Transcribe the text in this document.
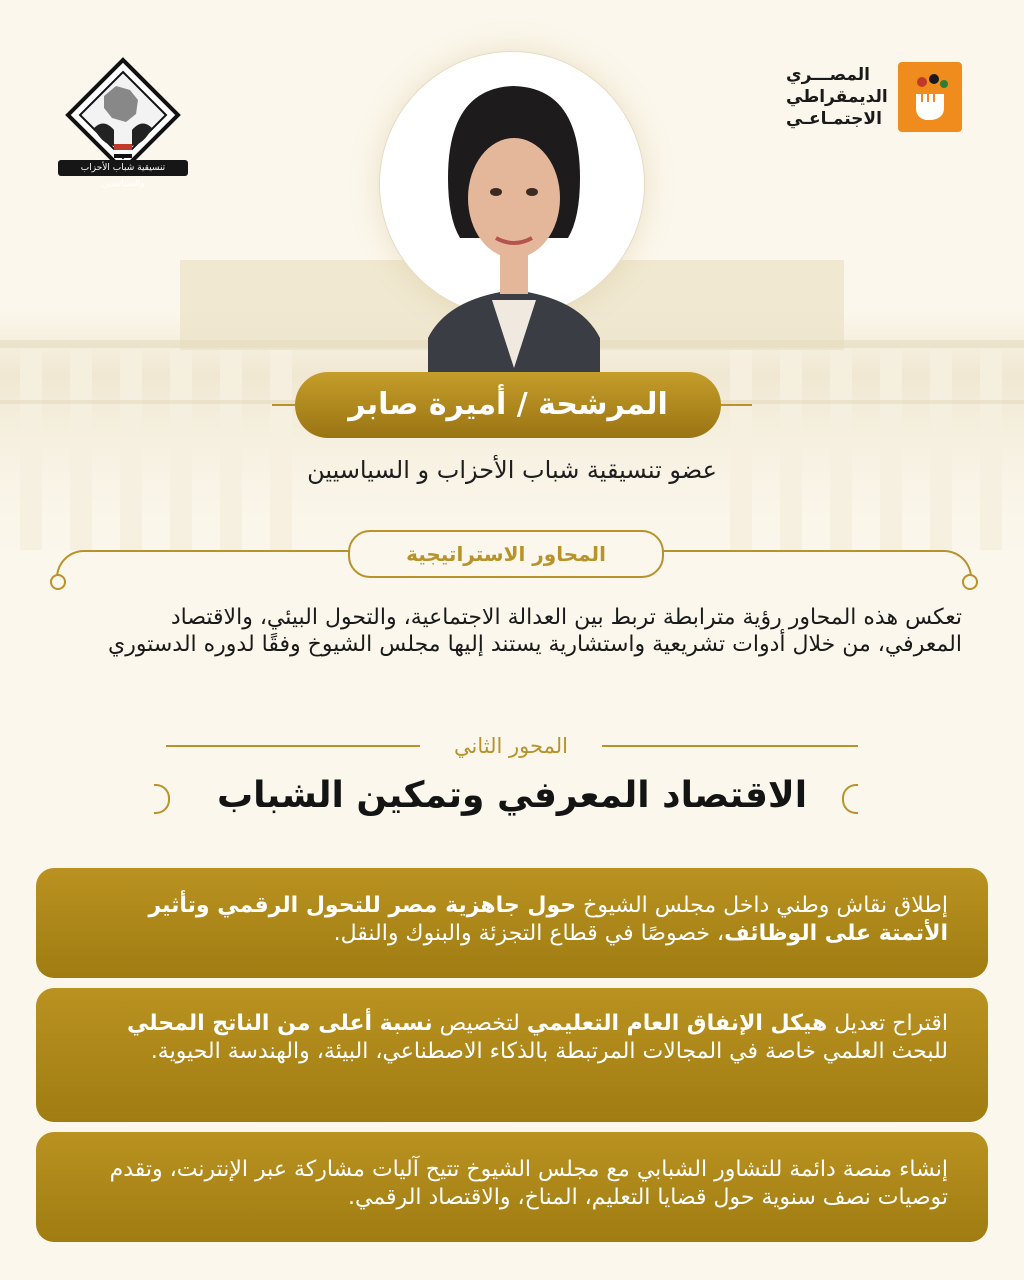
تنسيقية شباب الأحزاب والسياسيين
المصـــري
الديمقراطي
الاجتمـاعـي
المرشحة / أميرة صابر
عضو تنسيقية شباب الأحزاب و السياسيين
المحاور الاستراتيجية
تعكس هذه المحاور رؤية مترابطة تربط بين العدالة الاجتماعية، والتحول البيئي، والاقتصاد المعرفي، من خلال أدوات تشريعية واستشارية يستند إليها مجلس الشيوخ وفقًا لدوره الدستوري
المحور الثاني
الاقتصاد المعرفي وتمكين الشباب
إطلاق نقاش وطني داخل مجلس الشيوخ حول جاهزية مصر للتحول الرقمي وتأثير الأتمتة على الوظائف، خصوصًا في قطاع التجزئة والبنوك والنقل.
اقتراح تعديل هيكل الإنفاق العام التعليمي لتخصيص نسبة أعلى من الناتج المحلي للبحث العلمي خاصة في المجالات المرتبطة بالذكاء الاصطناعي، البيئة، والهندسة الحيوية.
إنشاء منصة دائمة للتشاور الشبابي مع مجلس الشيوخ تتيح آليات مشاركة عبر الإنترنت، وتقدم توصيات نصف سنوية حول قضايا التعليم، المناخ، والاقتصاد الرقمي.
